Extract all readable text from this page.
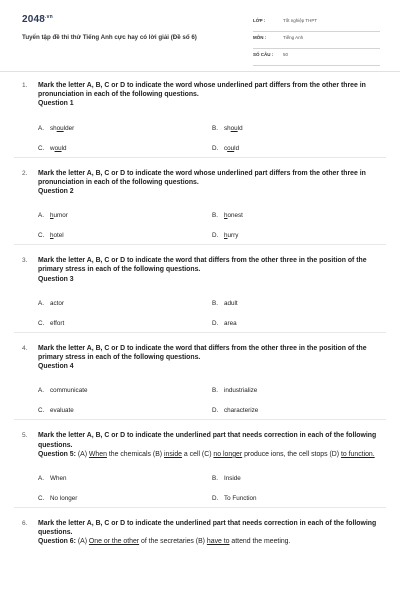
$2048^{.vn}$
Tuyển tập đề thi thử Tiếng Anh cực hay có lời giải (Đề số 6)
LỚP :	Tốt nghiệp THPT
MÔN :	Tiếng Anh
SỐ CÂU : 50
1. Mark the letter A, B, C or D to indicate the word whose underlined part differs from the other three in pronunciation in each of the following questions.
Question 1
A. shoulder	B. should
C. would	D. could
2. Mark the letter A, B, C or D to indicate the word whose underlined part differs from the other three in pronunciation in each of the following questions.
Question 2
A. humor	B. honest
C. hotel	D. hurry
3. Mark the letter A, B, C or D to indicate the word that differs from the other three in the position of the primary stress in each of the following questions.
Question 3
A. actor	B. adult
C. effort	D. area
4. Mark the letter A, B, C or D to indicate the word that differs from the other three in the position of the primary stress in each of the following questions.
Question 4
A. communicate	B. industrialize
C. evaluate	D. characterize
5. Mark the letter A, B, C or D to indicate the underlined part that needs correction in each of the following questions.
Question 5: (A) When the chemicals (B) inside a cell (C) no longer produce ions, the cell stops (D) to function.
A. When	B. Inside
C. No longer	D. To Function
6. Mark the letter A, B, C or D to indicate the underlined part that needs correction in each of the following questions.
Question 6: (A) One or the other of the secretaries (B) have to attend the meeting.
